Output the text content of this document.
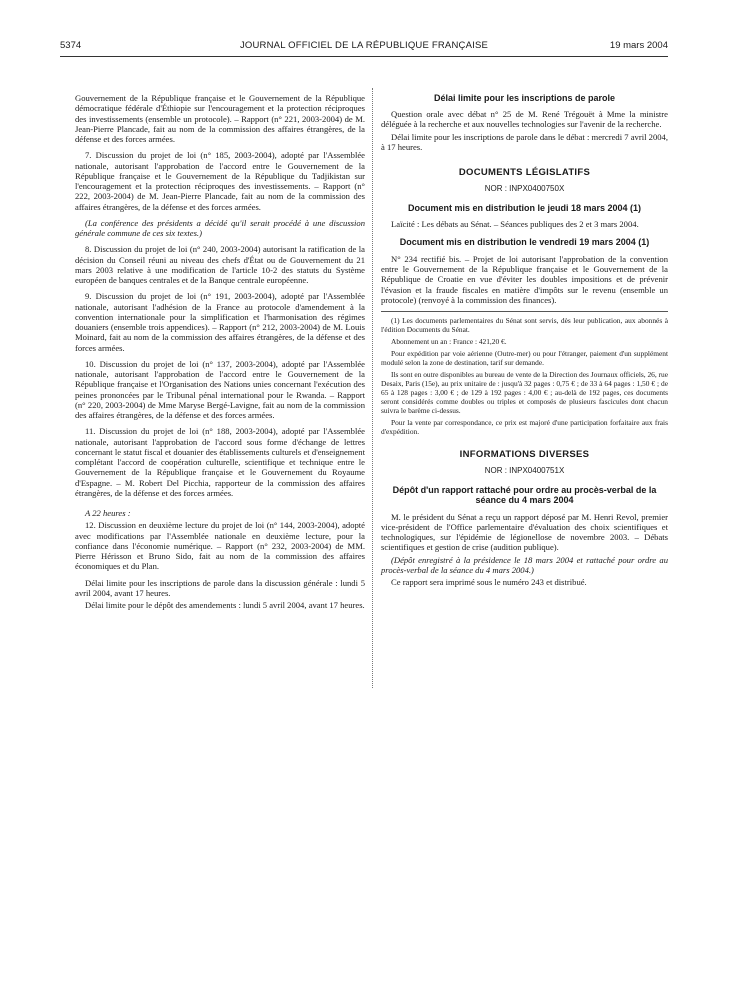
5374	JOURNAL OFFICIEL DE LA RÉPUBLIQUE FRANÇAISE	19 mars 2004

Gouvernement de la République française et le Gouvernement de la République démocratique fédérale d'Éthiopie sur l'encouragement et la protection réciproques des investissements (ensemble un protocole). – Rapport (n° 221, 2003-2004) de M. Jean-Pierre Plancade, fait au nom de la commission des affaires étrangères, de la défense et des forces armées.

7. Discussion du projet de loi (n° 185, 2003-2004), adopté par l'Assemblée nationale, autorisant l'approbation de l'accord entre le Gouvernement de la République française et le Gouvernement de la République du Tadjikistan sur l'encouragement et la protection réciproques des investissements. – Rapport (n° 222, 2003-2004) de M. Jean-Pierre Plancade, fait au nom de la commission des affaires étrangères, de la défense et des forces armées.

(La conférence des présidents a décidé qu'il serait procédé à une discussion générale commune de ces six textes.)

8. Discussion du projet de loi (n° 240, 2003-2004) autorisant la ratification de la décision du Conseil réuni au niveau des chefs d'État ou de Gouvernement du 21 mars 2003 relative à une modification de l'article 10-2 des statuts du Système européen de banques centrales et de la Banque centrale européenne.

9. Discussion du projet de loi (n° 191, 2003-2004), adopté par l'Assemblée nationale, autorisant l'adhésion de la France au protocole d'amendement à la convention internationale pour la simplification et l'harmonisation des régimes douaniers (ensemble trois appendices). – Rapport (n° 212, 2003-2004) de M. Louis Moinard, fait au nom de la commission des affaires étrangères, de la défense et des forces armées.

10. Discussion du projet de loi (n° 137, 2003-2004), adopté par l'Assemblée nationale, autorisant l'approbation de l'accord entre le Gouvernement de la République française et l'Organisation des Nations unies concernant l'exécution des peines prononcées par le Tribunal pénal international pour le Rwanda. – Rapport (n° 220, 2003-2004) de Mme Maryse Bergé-Lavigne, fait au nom de la commission des affaires étrangères, de la défense et des forces armées.

11. Discussion du projet de loi (n° 188, 2003-2004), adopté par l'Assemblée nationale, autorisant l'approbation de l'accord sous forme d'échange de lettres concernant le statut fiscal et douanier des établissements culturels et d'enseignement complétant l'accord de coopération culturelle, scientifique et technique entre le Gouvernement de la République française et le Gouvernement du Royaume d'Espagne. – M. Robert Del Picchia, rapporteur de la commission des affaires étrangères, de la défense et des forces armées.

A 22 heures :

12. Discussion en deuxième lecture du projet de loi (n° 144, 2003-2004), adopté avec modifications par l'Assemblée nationale en deuxième lecture, pour la confiance dans l'économie numérique. – Rapport (n° 232, 2003-2004) de MM. Pierre Hérisson et Bruno Sido, fait au nom de la commission des affaires économiques et du Plan.

Délai limite pour les inscriptions de parole dans la discussion générale : lundi 5 avril 2004, avant 17 heures.

Délai limite pour le dépôt des amendements : lundi 5 avril 2004, avant 17 heures.

Délai limite pour les inscriptions de parole

Question orale avec débat n° 25 de M. René Trégouët à Mme la ministre déléguée à la recherche et aux nouvelles technologies sur l'avenir de la recherche.

Délai limite pour les inscriptions de parole dans le débat : mercredi 7 avril 2004, à 17 heures.

DOCUMENTS LÉGISLATIFS
NOR : INPX0400750X
Document mis en distribution le jeudi 18 mars 2004 (1)

Laïcité : Les débats au Sénat. – Séances publiques des 2 et 3 mars 2004.

Document mis en distribution le vendredi 19 mars 2004 (1)

N° 234 rectifié bis. – Projet de loi autorisant l'approbation de la convention entre le Gouvernement de la République française et le Gouvernement de la République de Croatie en vue d'éviter les doubles impositions et de prévenir l'évasion et la fraude fiscales en matière d'impôts sur le revenu (ensemble un protocole) (renvoyé à la commission des finances).

(1) Les documents parlementaires du Sénat sont servis, dès leur publication, aux abonnés à l'édition Documents du Sénat.

Abonnement un an : France : 421,20 €.

Pour expédition par voie aérienne (Outre-mer) ou pour l'étranger, paiement d'un supplément modulé selon la zone de destination, tarif sur demande.

Ils sont en outre disponibles au bureau de vente de la Direction des Journaux officiels, 26, rue Desaix, Paris (15e), au prix unitaire de : jusqu'à 32 pages : 0,75 € ; de 33 à 64 pages : 1,50 € ; de 65 à 128 pages : 3,00 € ; de 129 à 192 pages : 4,00 € ; au-delà de 192 pages, ces documents seront considérés comme doubles ou triples et composés de plusieurs fascicules dont chacun suivra le barème ci-dessus.

Pour la vente par correspondance, ce prix est majoré d'une participation forfaitaire aux frais d'expédition.

INFORMATIONS DIVERSES
NOR : INPX0400751X
Dépôt d'un rapport rattaché pour ordre au procès-verbal de la séance du 4 mars 2004

M. le président du Sénat a reçu un rapport déposé par M. Henri Revol, premier vice-président de l'Office parlementaire d'évaluation des choix scientifiques et technologiques, sur l'épidémie de légionellose de novembre 2003. – Débats scientifiques et gestion de crise (audition publique).

(Dépôt enregistré à la présidence le 18 mars 2004 et rattaché pour ordre au procès-verbal de la séance du 4 mars 2004.)

Ce rapport sera imprimé sous le numéro 243 et distribué.
